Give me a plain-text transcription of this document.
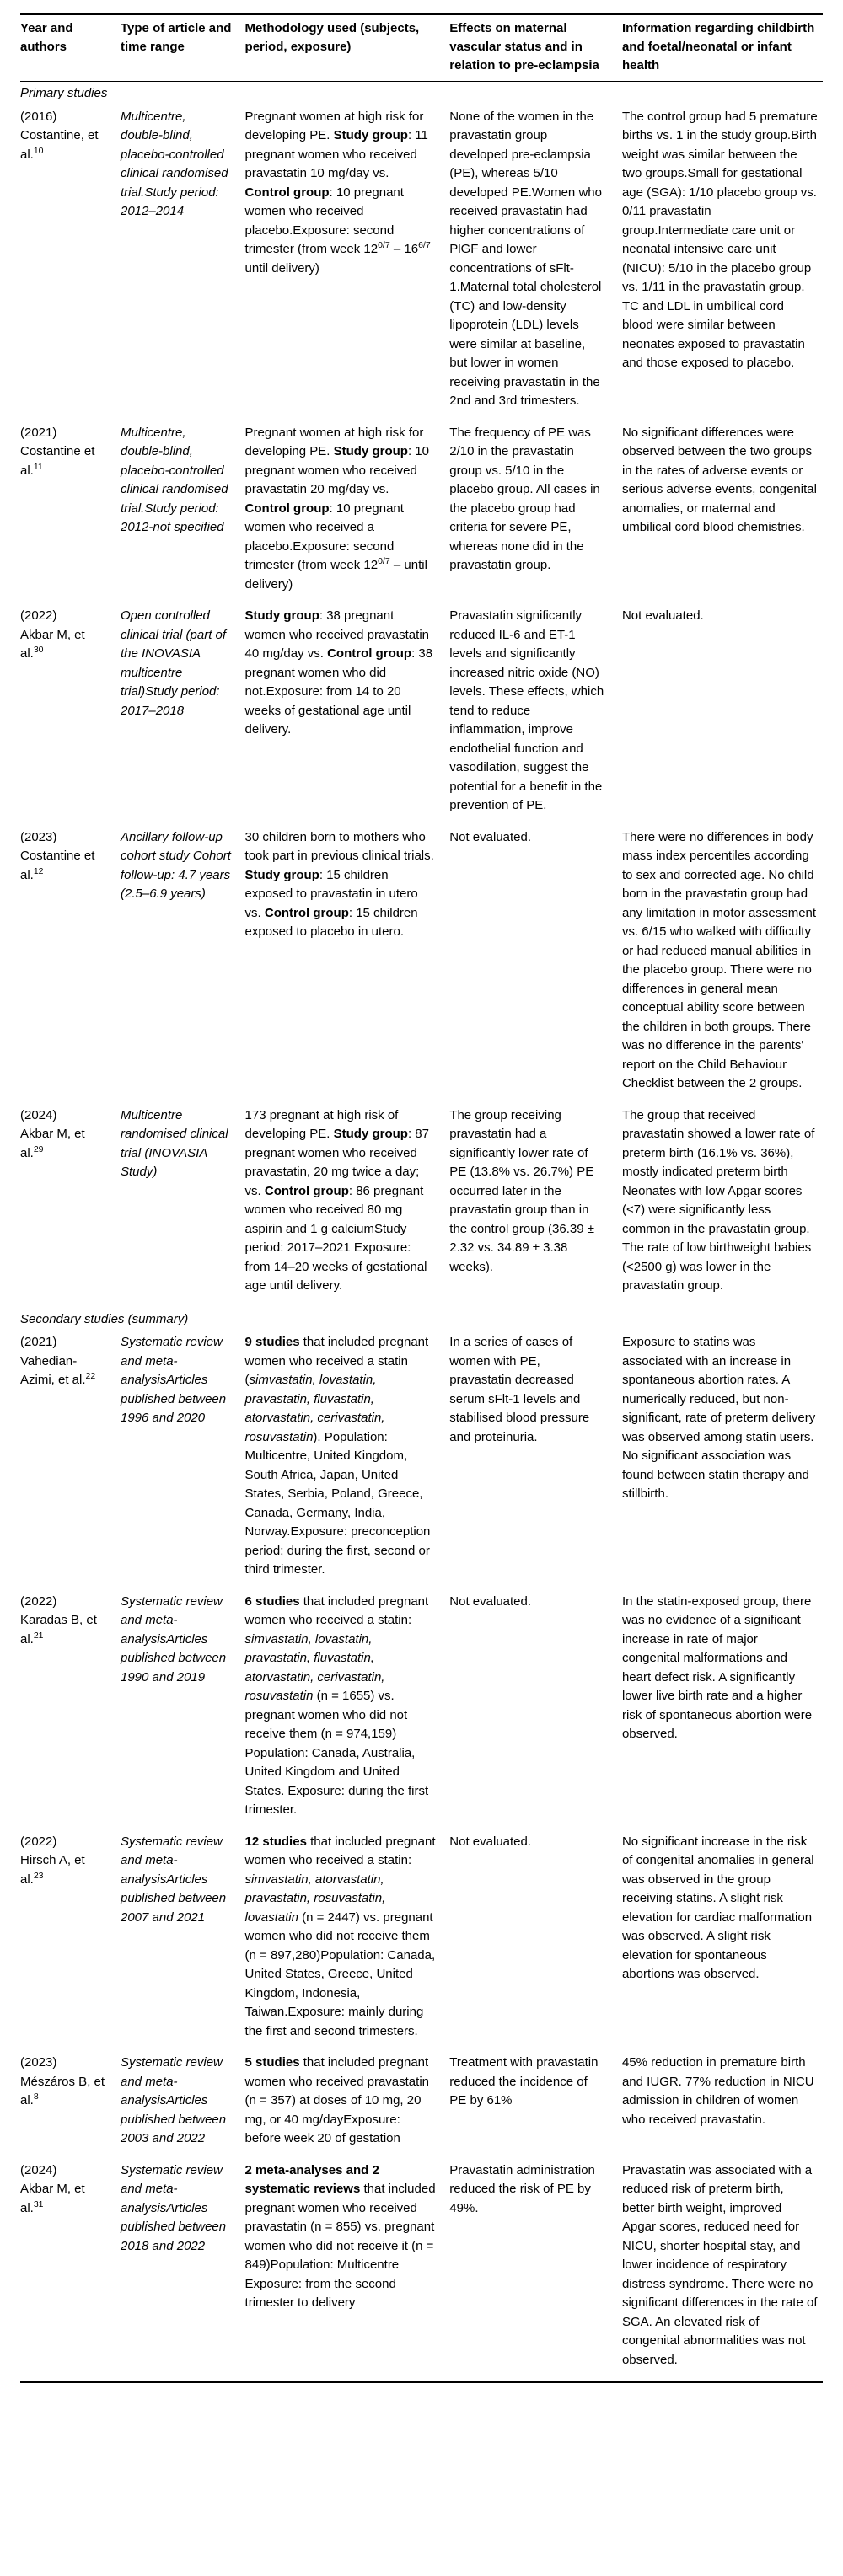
Year and authors	Type of article and time range	Methodology used (subjects, period, exposure)	Effects on maternal vascular status and in relation to pre-eclampsia	Information regarding childbirth and foetal/neonatal or infant health
Primary studies				

(2016)
Costantine, et al.$^{10}$
	Multicentre, double-blind, placebo-controlled clinical randomised trial.Study period: 2012–2014	Pregnant women at high risk for developing PE. Study group: 11 pregnant women who received pravastatin 10 mg/day vs. Control group: 10 pregnant women who received placebo.Exposure: second trimester (from week $12^{0/7} - 16^{6/7}$ until delivery)	None of the women in the pravastatin group developed pre-eclampsia (PE), whereas 5/10 developed PE.Women who received pravastatin had higher concentrations of PlGF and lower concentrations of sFlt-1.Maternal total cholesterol (TC) and low-density lipoprotein (LDL) levels were similar at baseline, but lower in women receiving pravastatin in the 2nd and 3rd trimesters.	The control group had 5 premature births vs. 1 in the study group.Birth weight was similar between the two groups.Small for gestational age (SGA): 1/10 placebo group vs. 0/11 pravastatin group.Intermediate care unit or neonatal intensive care unit (NICU): 5/10 in the placebo group vs. 1/11 in the pravastatin group. TC and LDL in umbilical cord blood were similar between neonates exposed to pravastatin and those exposed to placebo.

(2021)
Costantine et al.$^{11}$	Multicentre, double-blind, placebo-controlled clinical randomised trial.Study period: 2012-not specified	Pregnant women at high risk for developing PE. Study group: 10 pregnant women who received pravastatin 20 mg/day vs. Control group: 10 pregnant women who received a placebo.Exposure: second trimester (from week $12^{0/7}$ – until delivery)	The frequency of PE was 2/10 in the pravastatin group vs. 5/10 in the placebo group. All cases in the placebo group had criteria for severe PE, whereas none did in the pravastatin group.	No significant differences were observed between the two groups in the rates of adverse events or serious adverse events, congenital anomalies, or maternal and umbilical cord blood chemistries.

(2022)
Akbar M, et al.$^{30}$	Open controlled clinical trial (part of the INOVASIA multicentre trial)Study period: 2017–2018	Study group: 38 pregnant women who received pravastatin 40 mg/day vs. Control group: 38 pregnant women who did not.Exposure: from 14 to 20 weeks of gestational age until delivery.	Pravastatin significantly reduced IL-6 and ET-1 levels and significantly increased nitric oxide (NO) levels. These effects, which tend to reduce inflammation, improve endothelial function and vasodilation, suggest the potential for a benefit in the prevention of PE.	Not evaluated.

(2023)
Costantine et al.$^{12}$	Ancillary follow-up cohort study Cohort follow-up: 4.7 years (2.5–6.9 years)	30 children born to mothers who took part in previous clinical trials. Study group: 15 children exposed to pravastatin in utero vs. Control group: 15 children exposed to placebo in utero.	Not evaluated.	There were no differences in body mass index percentiles according to sex and corrected age. No child born in the pravastatin group had any limitation in motor assessment vs. 6/15 who walked with difficulty or had reduced manual abilities in the placebo group. There were no differences in general mean conceptual ability score between the children in both groups. There was no difference in the parents' report on the Child Behaviour Checklist between the 2 groups.

(2024)
Akbar M, et al.$^{29}$
	Multicentre randomised clinical trial (INOVASIA Study)	173 pregnant at high risk of developing PE. Study group: 87 pregnant women who received pravastatin, 20 mg twice a day; vs. Control group: 86 pregnant women who received 80 mg aspirin and 1 g calciumStudy period: 2017–2021 Exposure: from 14–20 weeks of gestational age until delivery.	The group receiving pravastatin had a significantly lower rate of PE (13.8% vs. 26.7%) PE occurred later in the pravastatin group than in the control group (36.39 ± 2.32 vs. 34.89 ± 3.38 weeks).	The group that received pravastatin showed a lower rate of preterm birth (16.1% vs. 36%), mostly indicated preterm birth Neonates with low Apgar scores (<7) were significantly less common in the pravastatin group. The rate of low birthweight babies (<2500 g) was lower in the pravastatin group.
Secondary studies (summary)				

(2021)
Vahedian-Azimi, et al.$^{22}$
	Systematic review and meta-analysisArticles published between 1996 and 2020	9 studies that included pregnant women who received a statin (simvastatin, lovastatin, pravastatin, fluvastatin, atorvastatin, cerivastatin, rosuvastatin). Population: Multicentre, United Kingdom, South Africa, Japan, United States, Serbia, Poland, Greece, Canada, Germany, India, Norway.Exposure: preconception period; during the first, second or third trimester.	In a series of cases of women with PE, pravastatin decreased serum sFlt-1 levels and stabilised blood pressure and proteinuria.	Exposure to statins was associated with an increase in spontaneous abortion rates. A numerically reduced, but non-significant, rate of preterm delivery was observed among statin users. No significant association was found between statin therapy and stillbirth.

(2022)
Karadas B, et al.$^{21}$
	Systematic review and meta-analysisArticles published between 1990 and 2019	6 studies that included pregnant women who received a statin: simvastatin, lovastatin, pravastatin, fluvastatin, atorvastatin, cerivastatin, rosuvastatin (n = 1655) vs. pregnant women who did not receive them (n = 974,159) Population: Canada, Australia, United Kingdom and United States. Exposure: during the first trimester.	Not evaluated.	In the statin-exposed group, there was no evidence of a significant increase in rate of major congenital malformations and heart defect risk. A significantly lower live birth rate and a higher risk of spontaneous abortion were observed.

(2022)
Hirsch A, et al.$^{23}$
	Systematic review and meta-analysisArticles published between 2007 and 2021	12 studies that included pregnant women who received a statin: simvastatin, atorvastatin, pravastatin, rosuvastatin, lovastatin (n = 2447) vs. pregnant women who did not receive them (n = 897,280)Population: Canada, United States, Greece, United Kingdom, Indonesia, Taiwan.Exposure: mainly during the first and second trimesters.	Not evaluated.	No significant increase in the risk of congenital anomalies in general was observed in the group receiving statins. A slight risk elevation for cardiac malformation was observed. A slight risk elevation for spontaneous abortions was observed.

(2023)
Mészáros B, et al.$^8$	Systematic review and meta-analysisArticles published between 2003 and 2022	5 studies that included pregnant women who received pravastatin (n = 357) at doses of 10 mg, 20 mg, or 40 mg/dayExposure: before week 20 of gestation	Treatment with pravastatin reduced the incidence of PE by 61%	45% reduction in premature birth and IUGR. 77% reduction in NICU admission in children of women who received pravastatin.

(2024)
Akbar M, et al.$^{31}$
	Systematic review and meta-analysisArticles published between 2018 and 2022	2 meta-analyses and 2 systematic reviews that included pregnant women who received pravastatin (n = 855) vs. pregnant women who did not receive it (n = 849)Population: Multicentre Exposure: from the second trimester to delivery	Pravastatin administration reduced the risk of PE by 49%.	Pravastatin was associated with a reduced risk of preterm birth, better birth weight, improved Apgar scores, reduced need for NICU, shorter hospital stay, and lower incidence of respiratory distress syndrome. There were no significant differences in the rate of SGA. An elevated risk of congenital abnormalities was not observed.
